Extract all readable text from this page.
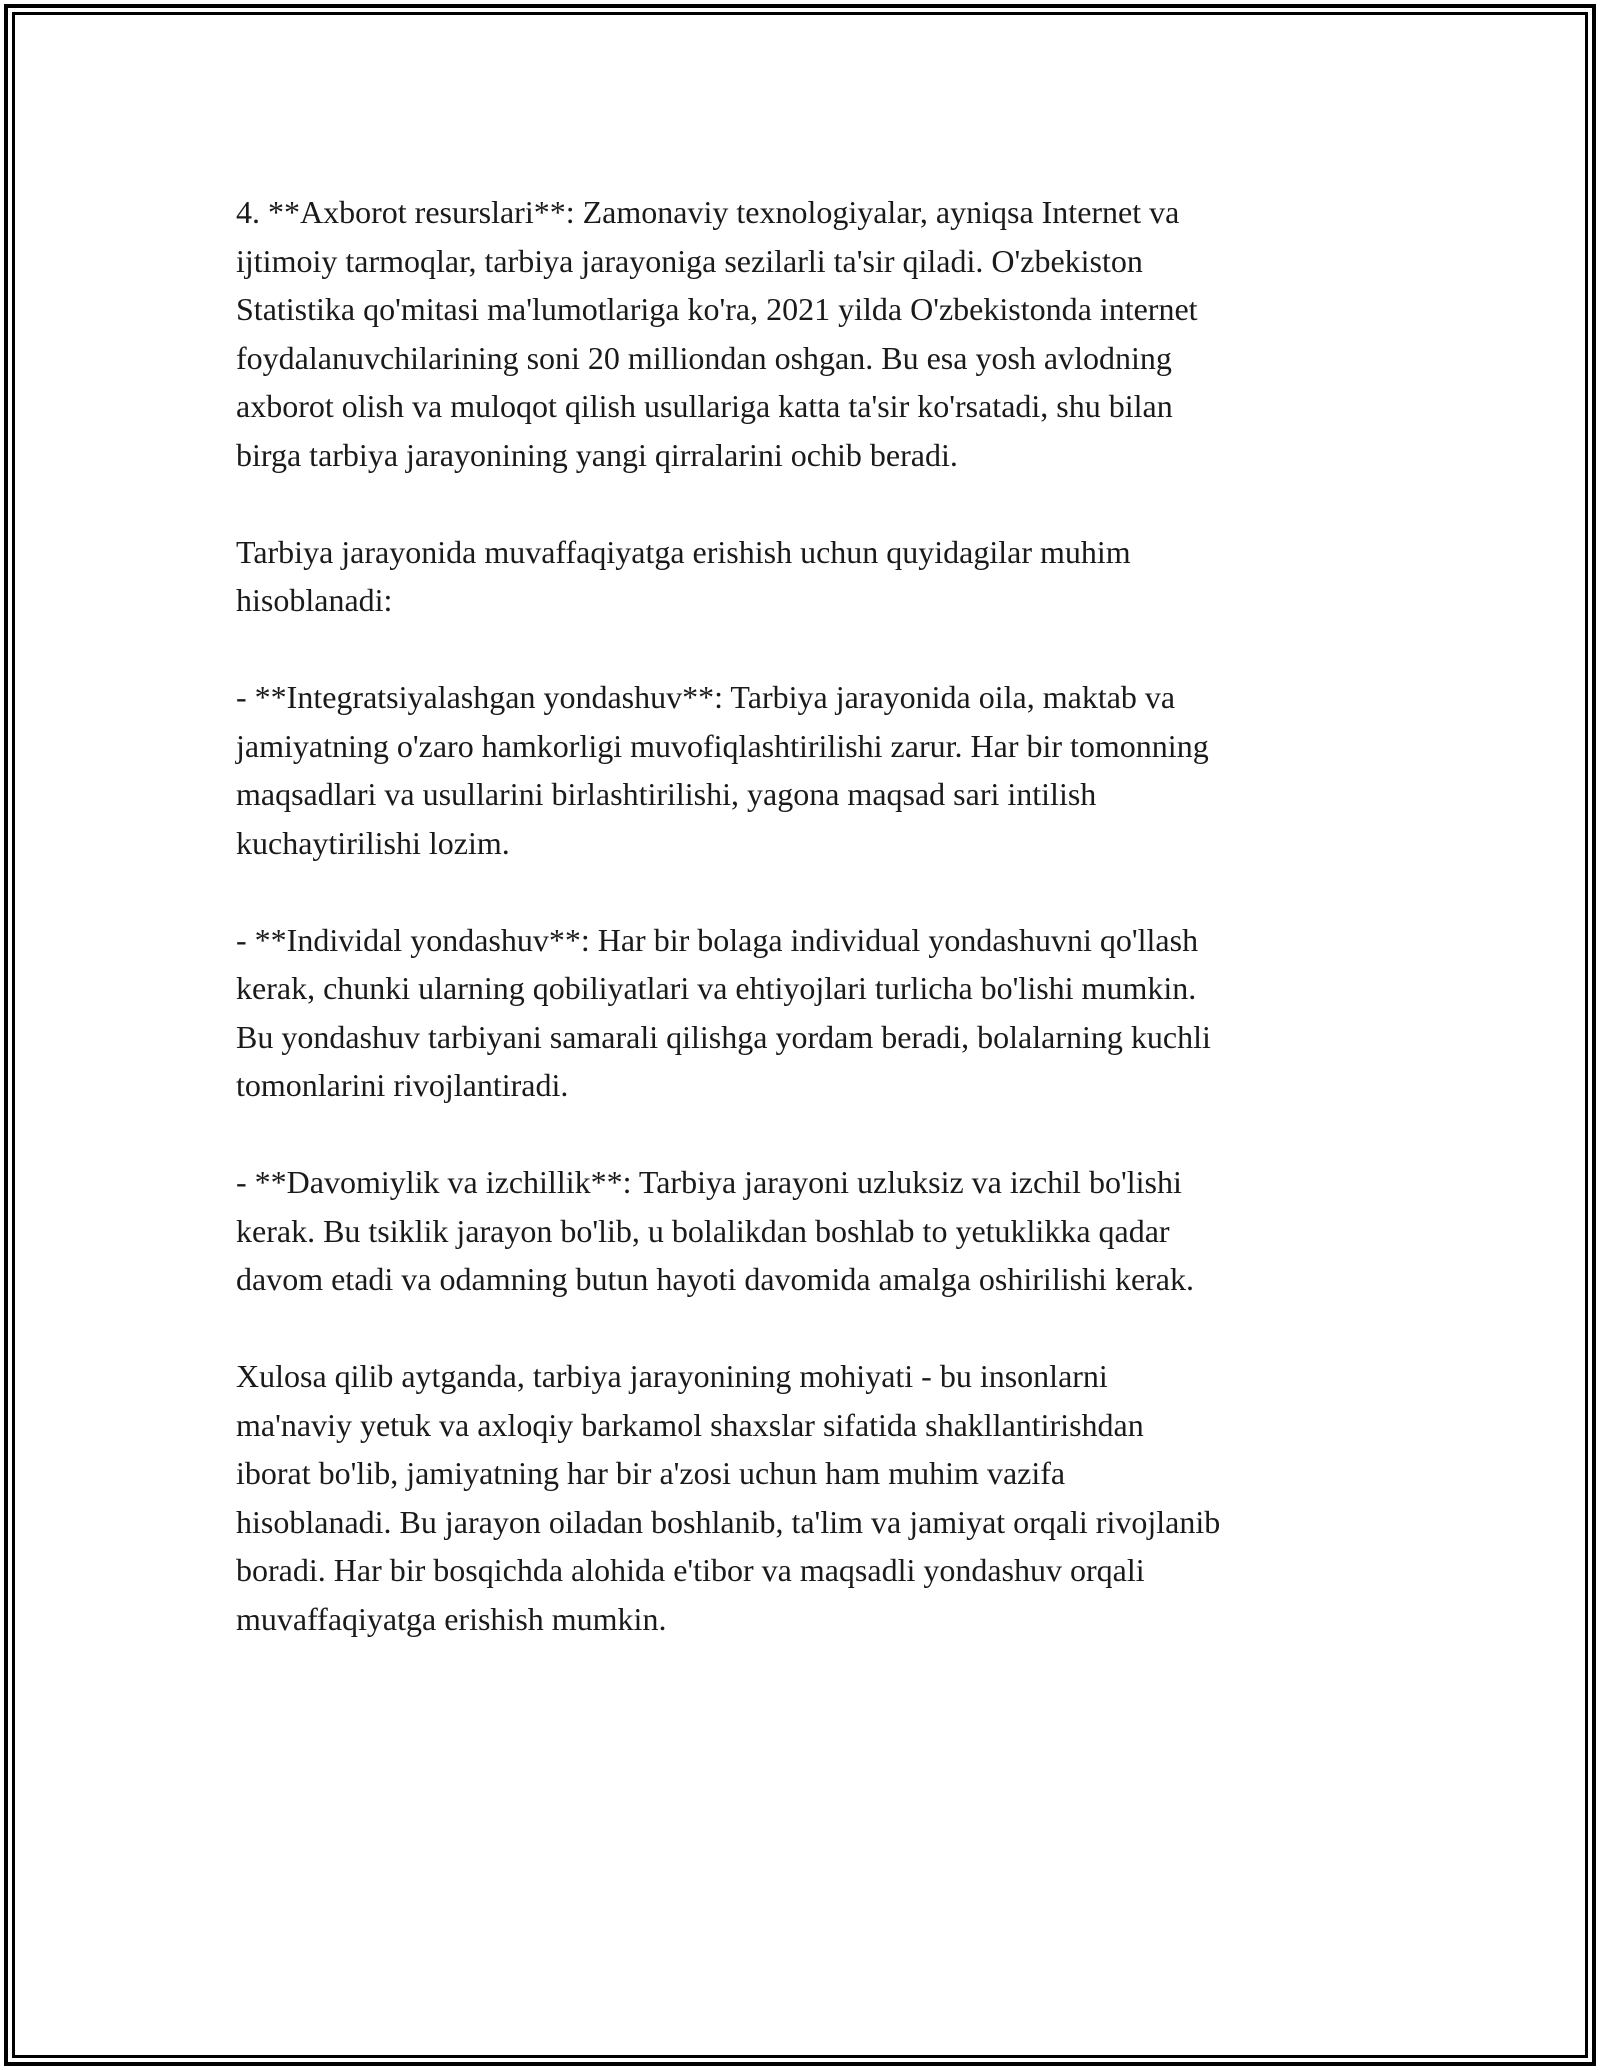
4. **Axborot resurslari**: Zamonaviy texnologiyalar, ayniqsa Internet va
ijtimoiy tarmoqlar, tarbiya jarayoniga sezilarli ta'sir qiladi. O'zbekiston
Statistika qo'mitasi ma'lumotlariga ko'ra, 2021 yilda O'zbekistonda internet
foydalanuvchilarining soni 20 milliondan oshgan. Bu esa yosh avlodning
axborot olish va muloqot qilish usullariga katta ta'sir ko'rsatadi, shu bilan
birga tarbiya jarayonining yangi qirralarini ochib beradi.

Tarbiya jarayonida muvaffaqiyatga erishish uchun quyidagilar muhim
hisoblanadi:

- **Integratsiyalashgan yondashuv**: Tarbiya jarayonida oila, maktab va
jamiyatning o'zaro hamkorligi muvofiqlashtirilishi zarur. Har bir tomonning
maqsadlari va usullarini birlashtirilishi, yagona maqsad sari intilish
kuchaytirilishi lozim.

- **Individal yondashuv**: Har bir bolaga individual yondashuvni qo'llash
kerak, chunki ularning qobiliyatlari va ehtiyojlari turlicha bo'lishi mumkin.
Bu yondashuv tarbiyani samarali qilishga yordam beradi, bolalarning kuchli
tomonlarini rivojlantiradi.

- **Davomiylik va izchillik**: Tarbiya jarayoni uzluksiz va izchil bo'lishi
kerak. Bu tsiklik jarayon bo'lib, u bolalikdan boshlab to yetuklikka qadar
davom etadi va odamning butun hayoti davomida amalga oshirilishi kerak.

Xulosa qilib aytganda, tarbiya jarayonining mohiyati - bu insonlarni
ma'naviy yetuk va axloqiy barkamol shaxslar sifatida shakllantirishdan
iborat bo'lib, jamiyatning har bir a'zosi uchun ham muhim vazifa
hisoblanadi. Bu jarayon oiladan boshlanib, ta'lim va jamiyat orqali rivojlanib
boradi. Har bir bosqichda alohida e'tibor va maqsadli yondashuv orqali
muvaffaqiyatga erishish mumkin.
